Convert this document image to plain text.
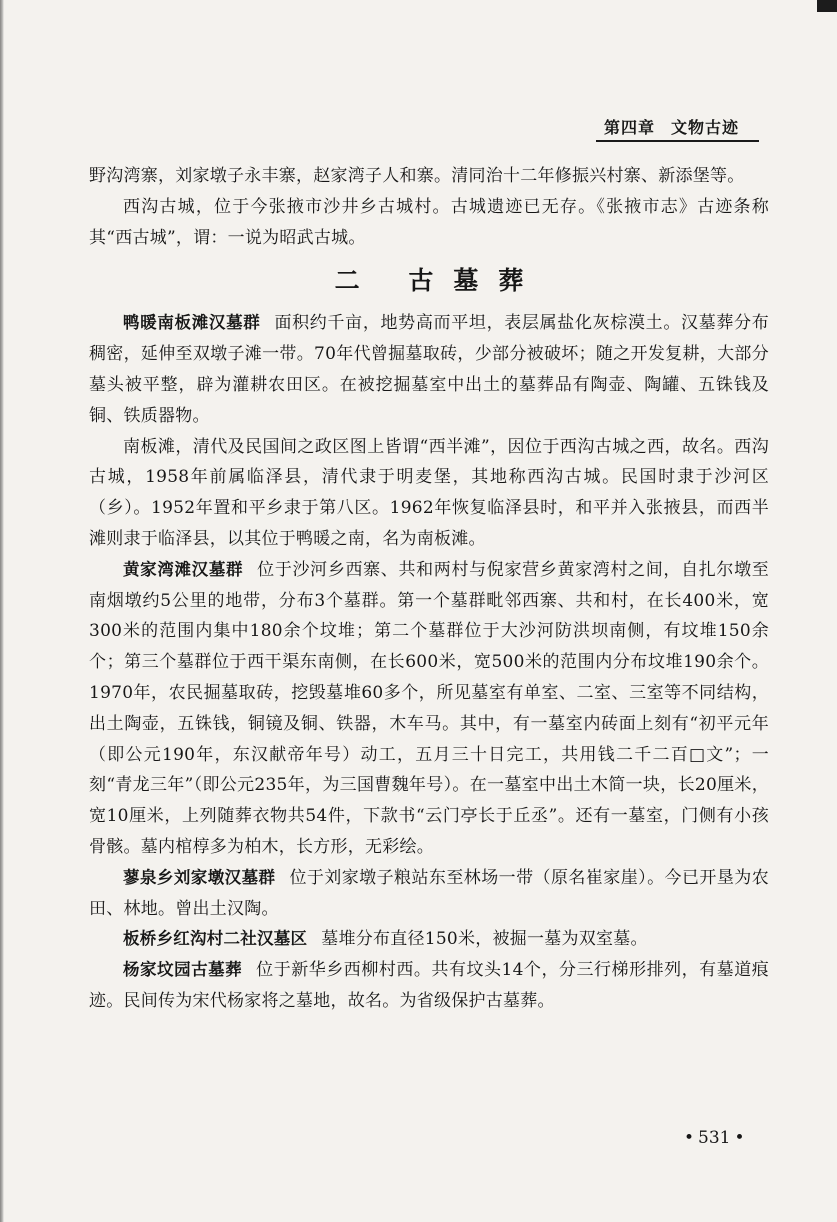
第四章 文物古迹

野沟湾寨，刘家墩子永丰寨，赵家湾子人和寨。清同治十二年修振兴村寨、新添堡等。

西沟古城，位于今张掖市沙井乡古城村。古城遗迹已无存。《张掖市志》古迹条称其“西古城”，谓：一说为昭武古城。

二 古墓葬

鸭暖南板滩汉墓群 面积约千亩，地势高而平坦，表层属盐化灰棕漠土。汉墓葬分布稠密，延伸至双墩子滩一带。70年代曾掘墓取砖，少部分被破坏；随之开发复耕，大部分墓头被平整，辟为灌耕农田区。在被挖掘墓室中出土的墓葬品有陶壶、陶罐、五铢钱及铜、铁质器物。

南板滩，清代及民国间之政区图上皆谓“西半滩”，因位于西沟古城之西，故名。西沟古城，1958年前属临泽县，清代隶于明麦堡，其地称西沟古城。民国时隶于沙河区（乡）。1952年置和平乡隶于第八区。1962年恢复临泽县时，和平并入张掖县，而西半滩则隶于临泽县，以其位于鸭暖之南，名为南板滩。

黄家湾滩汉墓群 位于沙河乡西寨、共和两村与倪家营乡黄家湾村之间，自扎尔墩至南烟墩约5公里的地带，分布3个墓群。第一个墓群毗邻西寨、共和村，在长400米，宽300米的范围内集中180余个坟堆；第二个墓群位于大沙河防洪坝南侧，有坟堆150余个；第三个墓群位于西干渠东南侧，在长600米，宽500米的范围内分布坟堆190余个。1970年，农民掘墓取砖，挖毁墓堆60多个，所见墓室有单室、二室、三室等不同结构，出土陶壶，五铢钱，铜镜及铜、铁器，木车马。其中，有一墓室内砖面上刻有“初平元年（即公元190年，东汉献帝年号）动工，五月三十日完工，共用钱二千二百□文”；一刻“青龙三年”（即公元235年，为三国曹魏年号）。在一墓室中出土木简一块，长20厘米，宽10厘米，上列随葬衣物共54件，下款书“云门亭长于丘丞”。还有一墓室，门侧有小孩骨骸。墓内棺椁多为柏木，长方形，无彩绘。

蓼泉乡刘家墩汉墓群 位于刘家墩子粮站东至林场一带（原名崔家崖）。今已开垦为农田、林地。曾出土汉陶。

板桥乡红沟村二社汉墓区 墓堆分布直径150米，被掘一墓为双室墓。

杨家坟园古墓葬 位于新华乡西柳村西。共有坟头14个，分三行梯形排列，有墓道痕迹。民间传为宋代杨家将之墓地，故名。为省级保护古墓葬。

• 531 •
